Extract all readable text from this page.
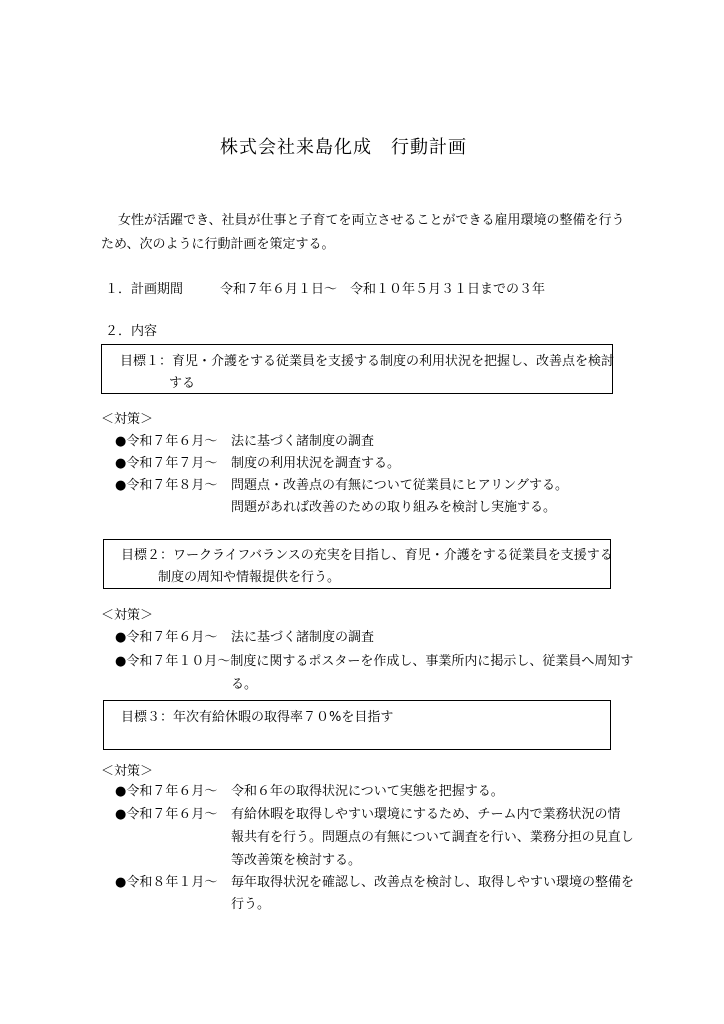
株式会社来島化成　行動計画
女性が活躍でき、社員が仕事と子育てを両立させることができる雇用環境の整備を行う
ため、次のように行動計画を策定する。
１．計画期間	令和７年６月１日～　令和１０年５月３１日までの３年
２．内容
目標１：育児・介護をする従業員を支援する制度の利用状況を把握し、改善点を検討
する
＜対策＞
●令和７年６月～ 法に基づく諸制度の調査
●令和７年７月～ 制度の利用状況を調査する。
●令和７年８月～ 問題点・改善点の有無について従業員にヒアリングする。
問題があれば改善のための取り組みを検討し実施する。
目標２：ワークライフバランスの充実を目指し、育児・介護をする従業員を支援する
制度の周知や情報提供を行う。
＜対策＞
●令和７年６月～ 法に基づく諸制度の調査
●令和７年１０月～制度に関するポスターを作成し、事業所内に掲示し、従業員へ周知す
る。
目標３：年次有給休暇の取得率７０%を目指す
＜対策＞
●令和７年６月～ 令和６年の取得状況について実態を把握する。
●令和７年６月～ 有給休暇を取得しやすい環境にするため、チーム内で業務状況の情
報共有を行う。問題点の有無について調査を行い、業務分担の見直し
等改善策を検討する。
●令和８年１月～ 毎年取得状況を確認し、改善点を検討し、取得しやすい環境の整備を
行う。
